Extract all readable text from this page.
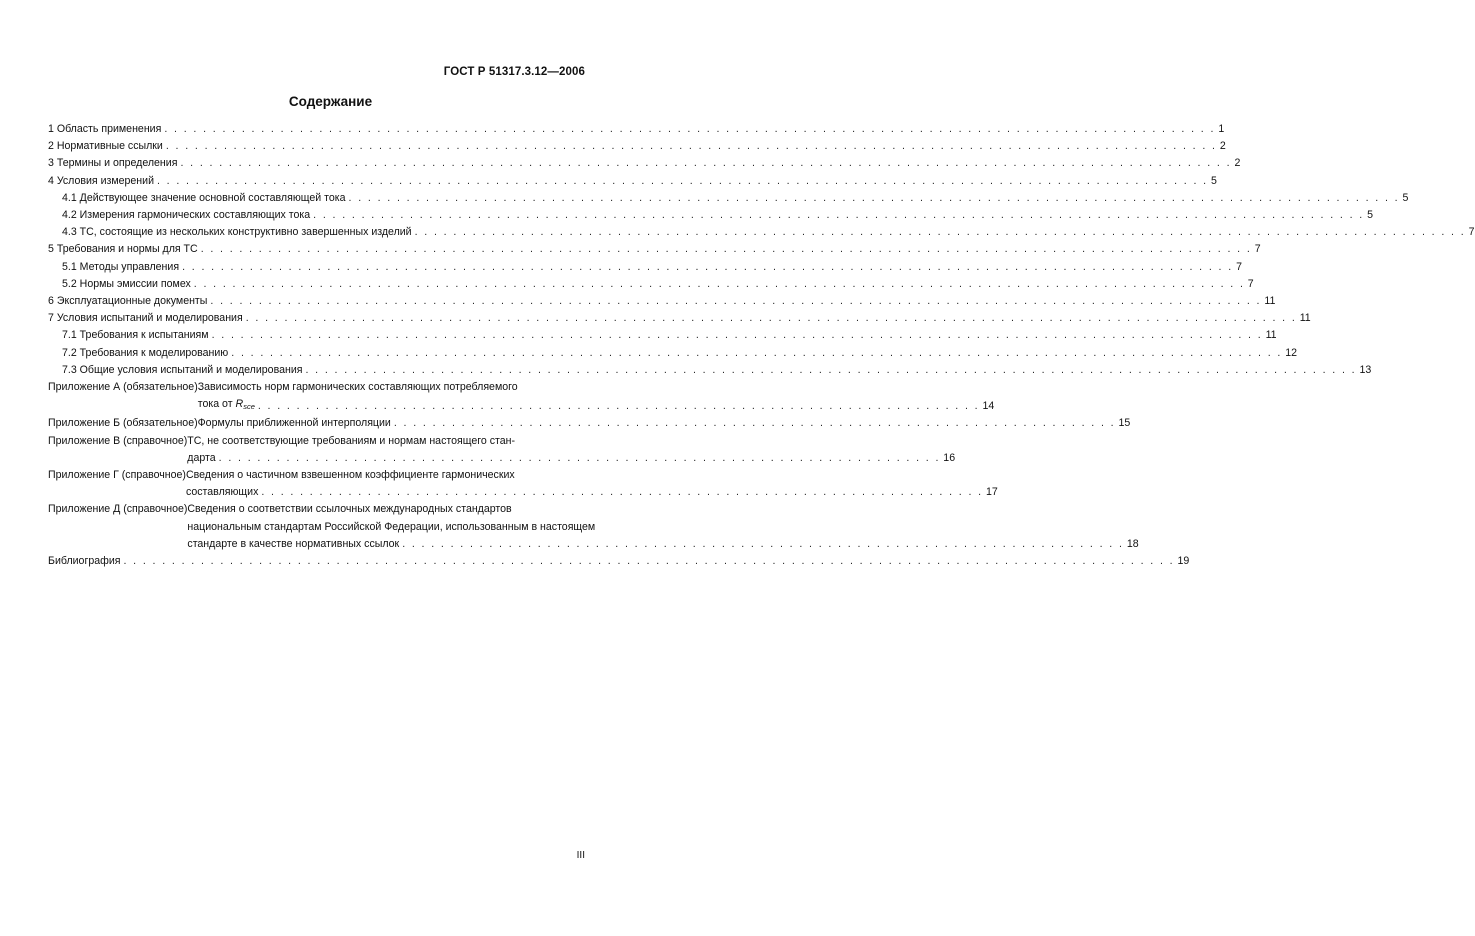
ГОСТ Р 51317.3.12—2006
Содержание
1 Область применения . . .	1
2 Нормативные ссылки . . .	2
3 Термины и определения . . .	2
4 Условия измерений . . .	5
4.1 Действующее значение основной составляющей тока . . .	5
4.2 Измерения гармонических составляющих тока . . .	5
4.3 ТС, состоящие из нескольких конструктивно завершенных изделий . . .	7
5 Требования и нормы для ТС . . .	7
5.1 Методы управления . . .	7
5.2 Нормы эмиссии помех . . .	7
6 Эксплуатационные документы . . .	11
7 Условия испытаний и моделирования . . .	11
7.1 Требования к испытаниям . . .	11
7.2 Требования к моделированию . . .	12
7.3 Общие условия испытаний и моделирования . . .	13
Приложение А (обязательное) Зависимость норм гармонических составляющих потребляемого
тока от Rsce . . .	14
Приложение Б (обязательное) Формулы приближенной интерполяции . . .	15
Приложение В (справочное) ТС, не соответствующие требованиям и нормам настоящего стан-
дарта . . .	16
Приложение Г (справочное) Сведения о частичном взвешенном коэффициенте гармонических
составляющих . . .	17
Приложение Д (справочное) Сведения о соответствии ссылочных международных стандартов
национальным стандартам Российской Федерации, использованным в настоящем
стандарте в качестве нормативных ссылок . . .	18
Библиография . . .	19
III
